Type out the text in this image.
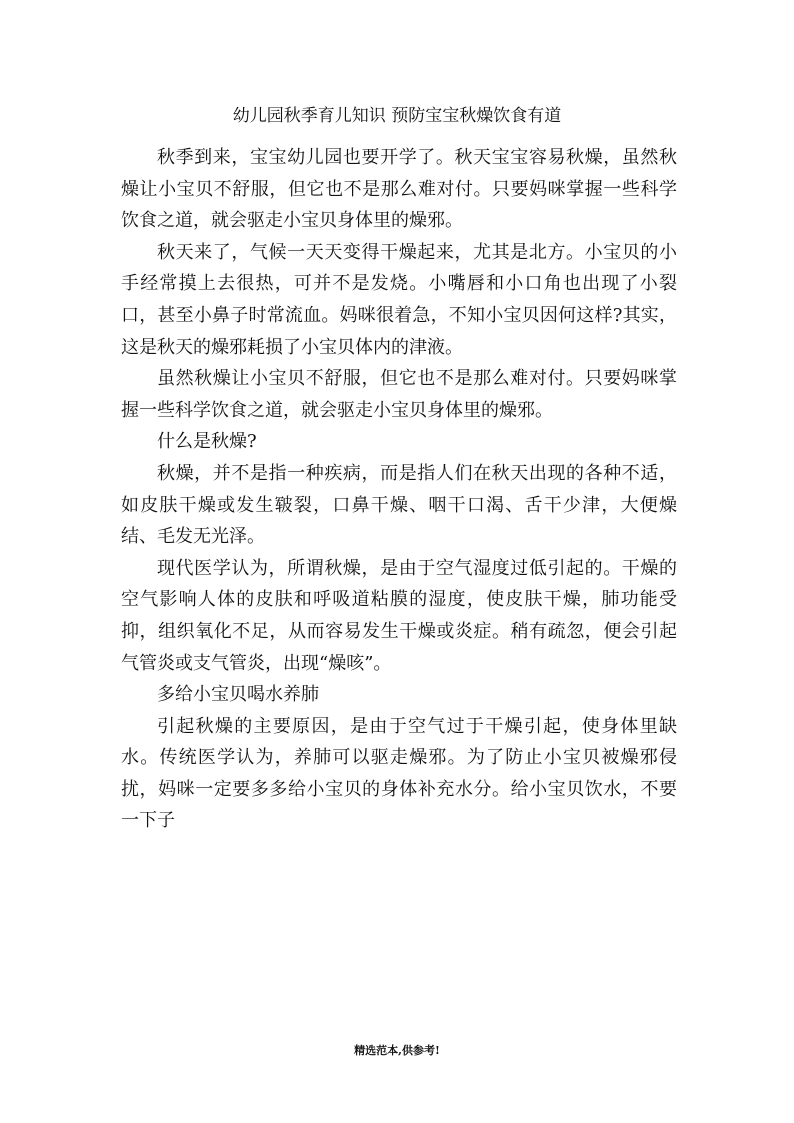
幼儿园秋季育儿知识 预防宝宝秋燥饮食有道

秋季到来，宝宝幼儿园也要开学了。秋天宝宝容易秋燥，虽然秋燥让小宝贝不舒服，但它也不是那么难对付。只要妈咪掌握一些科学饮食之道，就会驱走小宝贝身体里的燥邪。

秋天来了，气候一天天变得干燥起来，尤其是北方。小宝贝的小手经常摸上去很热，可并不是发烧。小嘴唇和小口角也出现了小裂口，甚至小鼻子时常流血。妈咪很着急，不知小宝贝因何这样?其实，这是秋天的燥邪耗损了小宝贝体内的津液。

虽然秋燥让小宝贝不舒服，但它也不是那么难对付。只要妈咪掌握一些科学饮食之道，就会驱走小宝贝身体里的燥邪。

什么是秋燥?

秋燥，并不是指一种疾病，而是指人们在秋天出现的各种不适，如皮肤干燥或发生皲裂，口鼻干燥、咽干口渴、舌干少津，大便燥结、毛发无光泽。

现代医学认为，所谓秋燥，是由于空气湿度过低引起的。干燥的空气影响人体的皮肤和呼吸道粘膜的湿度，使皮肤干燥，肺功能受抑，组织氧化不足，从而容易发生干燥或炎症。稍有疏忽，便会引起气管炎或支气管炎，出现“燥咳”。

多给小宝贝喝水养肺

引起秋燥的主要原因，是由于空气过于干燥引起，使身体里缺水。传统医学认为，养肺可以驱走燥邪。为了防止小宝贝被燥邪侵扰，妈咪一定要多多给小宝贝的身体补充水分。给小宝贝饮水，不要一下子

精选范本,供参考!
